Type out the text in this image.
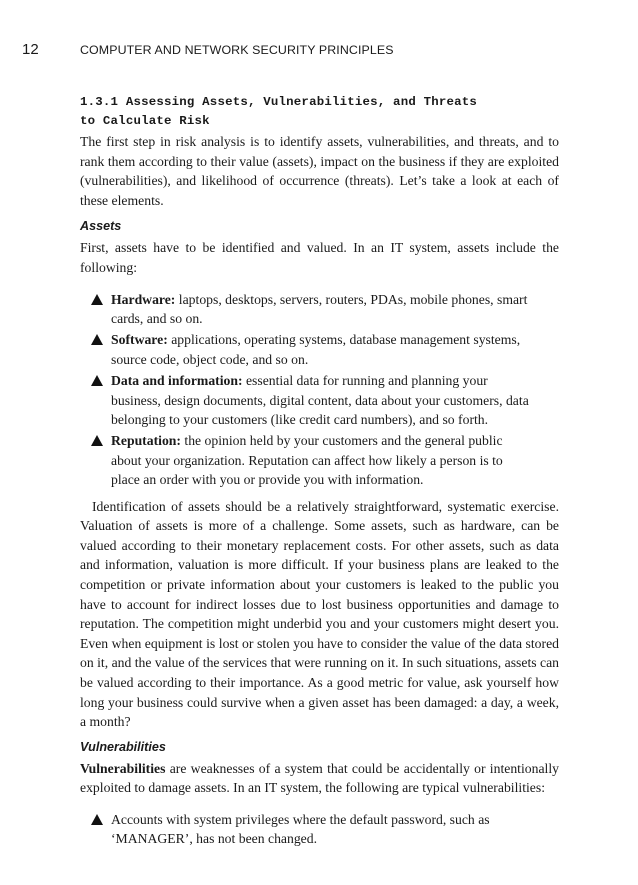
12	COMPUTER AND NETWORK SECURITY PRINCIPLES
1.3.1 Assessing Assets, Vulnerabilities, and Threats
to Calculate Risk

The first step in risk analysis is to identify assets, vulnerabilities, and threats, and to rank them according to their value (assets), impact on the business if they are exploited (vulnerabilities), and likelihood of occurrence (threats). Let’s take a look at each of these elements.

Assets

First, assets have to be identified and valued. In an IT system, assets include the following:

Hardware: laptops, desktops, servers, routers, PDAs, mobile phones, smart cards, and so on.
Software: applications, operating systems, database management systems, source code, object code, and so on.
Data and information: essential data for running and planning your business, design documents, digital content, data about your customers, data belonging to your customers (like credit card numbers), and so forth.
Reputation: the opinion held by your customers and the general public about your organization. Reputation can affect how likely a person is to place an order with you or provide you with information.

Identification of assets should be a relatively straightforward, systematic exercise. Valuation of assets is more of a challenge. Some assets, such as hardware, can be valued according to their monetary replacement costs. For other assets, such as data and information, valuation is more difficult. If your business plans are leaked to the competition or private information about your customers is leaked to the public you have to account for indirect losses due to lost business opportunities and damage to reputation. The competition might underbid you and your customers might desert you. Even when equipment is lost or stolen you have to consider the value of the data stored on it, and the value of the services that were running on it. In such situations, assets can be valued according to their importance. As a good metric for value, ask yourself how long your business could survive when a given asset has been damaged: a day, a week, a month?

Vulnerabilities

Vulnerabilities are weaknesses of a system that could be accidentally or intentionally exploited to damage assets. In an IT system, the following are typical vulnerabilities:

Accounts with system privileges where the default password, such as ‘MANAGER’, has not been changed.
